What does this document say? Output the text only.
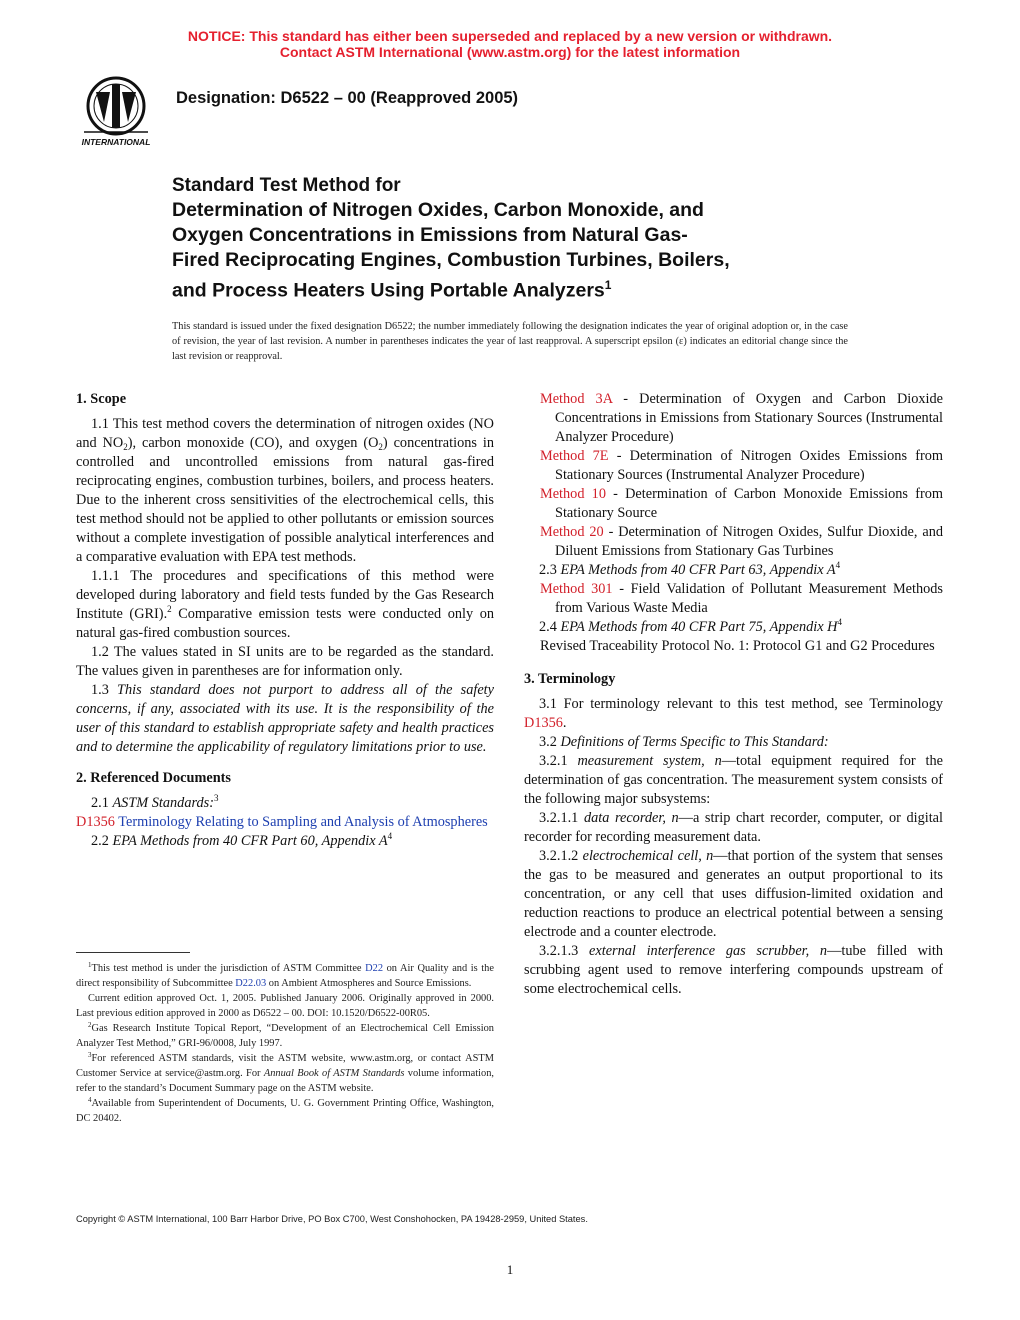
NOTICE: This standard has either been superseded and replaced by a new version or withdrawn.
Contact ASTM International (www.astm.org) for the latest information
INTERNATIONAL
Designation: D6522 – 00 (Reapproved 2005)
Standard Test Method for
Determination of Nitrogen Oxides, Carbon Monoxide, and
Oxygen Concentrations in Emissions from Natural Gas-
Fired Reciprocating Engines, Combustion Turbines, Boilers,
and Process Heaters Using Portable Analyzers$^1$
This standard is issued under the fixed designation D6522; the number immediately following the designation indicates the year of original adoption or, in the case of revision, the year of last revision. A number in parentheses indicates the year of last reapproval. A superscript epsilon (ε) indicates an editorial change since the last revision or reapproval.

1. Scope

1.1 This test method covers the determination of nitrogen oxides (NO and $NO_2$), carbon monoxide (CO), and oxygen $(O_2)$ concentrations in controlled and uncontrolled emissions from natural gas-fired reciprocating engines, combustion turbines, boilers, and process heaters. Due to the inherent cross sensitivities of the electrochemical cells, this test method should not be applied to other pollutants or emission sources without a complete investigation of possible analytical interferences and a comparative evaluation with EPA test methods.

1.1.1 The procedures and specifications of this method were developed during laboratory and field tests funded by the Gas Research Institute (GRI).$^2$ Comparative emission tests were conducted only on natural gas-fired combustion sources.

1.2 The values stated in SI units are to be regarded as the standard. The values given in parentheses are for information only.

1.3 This standard does not purport to address all of the safety concerns, if any, associated with its use. It is the responsibility of the user of this standard to establish appropriate safety and health practices and to determine the applicability of regulatory limitations prior to use.

2. Referenced Documents

2.1 ASTM Standards:$^3$

D1356 Terminology Relating to Sampling and Analysis of Atmospheres

2.2 EPA Methods from 40 CFR Part 60, Appendix $A^4$

Method 3A - Determination of Oxygen and Carbon Dioxide Concentrations in Emissions from Stationary Sources (Instrumental Analyzer Procedure)

Method 7E - Determination of Nitrogen Oxides Emissions from Stationary Sources (Instrumental Analyzer Procedure)

Method 10 - Determination of Carbon Monoxide Emissions from Stationary Source

Method 20 - Determination of Nitrogen Oxides, Sulfur Dioxide, and Diluent Emissions from Stationary Gas Turbines

2.3 EPA Methods from 40 CFR Part 63, Appendix $A^4$

Method 301 - Field Validation of Pollutant Measurement Methods from Various Waste Media

2.4 EPA Methods from 40 CFR Part 75, Appendix $H^4$

Revised Traceability Protocol No. 1: Protocol G1 and G2 Procedures

3. Terminology

3.1 For terminology relevant to this test method, see Terminology D1356.

3.2 Definitions of Terms Specific to This Standard:

3.2.1 measurement system, n—total equipment required for the determination of gas concentration. The measurement system consists of the following major subsystems:

3.2.1.1 data recorder, n—a strip chart recorder, computer, or digital recorder for recording measurement data.

3.2.1.2 electrochemical cell, n—that portion of the system that senses the gas to be measured and generates an output proportional to its concentration, or any cell that uses diffusion-limited oxidation and reduction reactions to produce an electrical potential between a sensing electrode and a counter electrode.

3.2.1.3 external interference gas scrubber, n—tube filled with scrubbing agent used to remove interfering compounds upstream of some electrochemical cells.

$^1$This test method is under the jurisdiction of ASTM Committee D22 on Air Quality and is the direct responsibility of Subcommittee D22.03 on Ambient Atmospheres and Source Emissions.

Current edition approved Oct. 1, 2005. Published January 2006. Originally approved in 2000. Last previous edition approved in 2000 as D6522 – 00. DOI: 10.1520/D6522-00R05.

$^2$Gas Research Institute Topical Report, “Development of an Electrochemical Cell Emission Analyzer Test Method,” GRI-96/0008, July 1997.

$^3$For referenced ASTM standards, visit the ASTM website, www.astm.org, or contact ASTM Customer Service at service@astm.org. For Annual Book of ASTM Standards volume information, refer to the standard’s Document Summary page on the ASTM website.

$^4$Available from Superintendent of Documents, U. G. Government Printing Office, Washington, DC 20402.

Copyright © ASTM International, 100 Barr Harbor Drive, PO Box C700, West Conshohocken, PA 19428-2959, United States.
1
